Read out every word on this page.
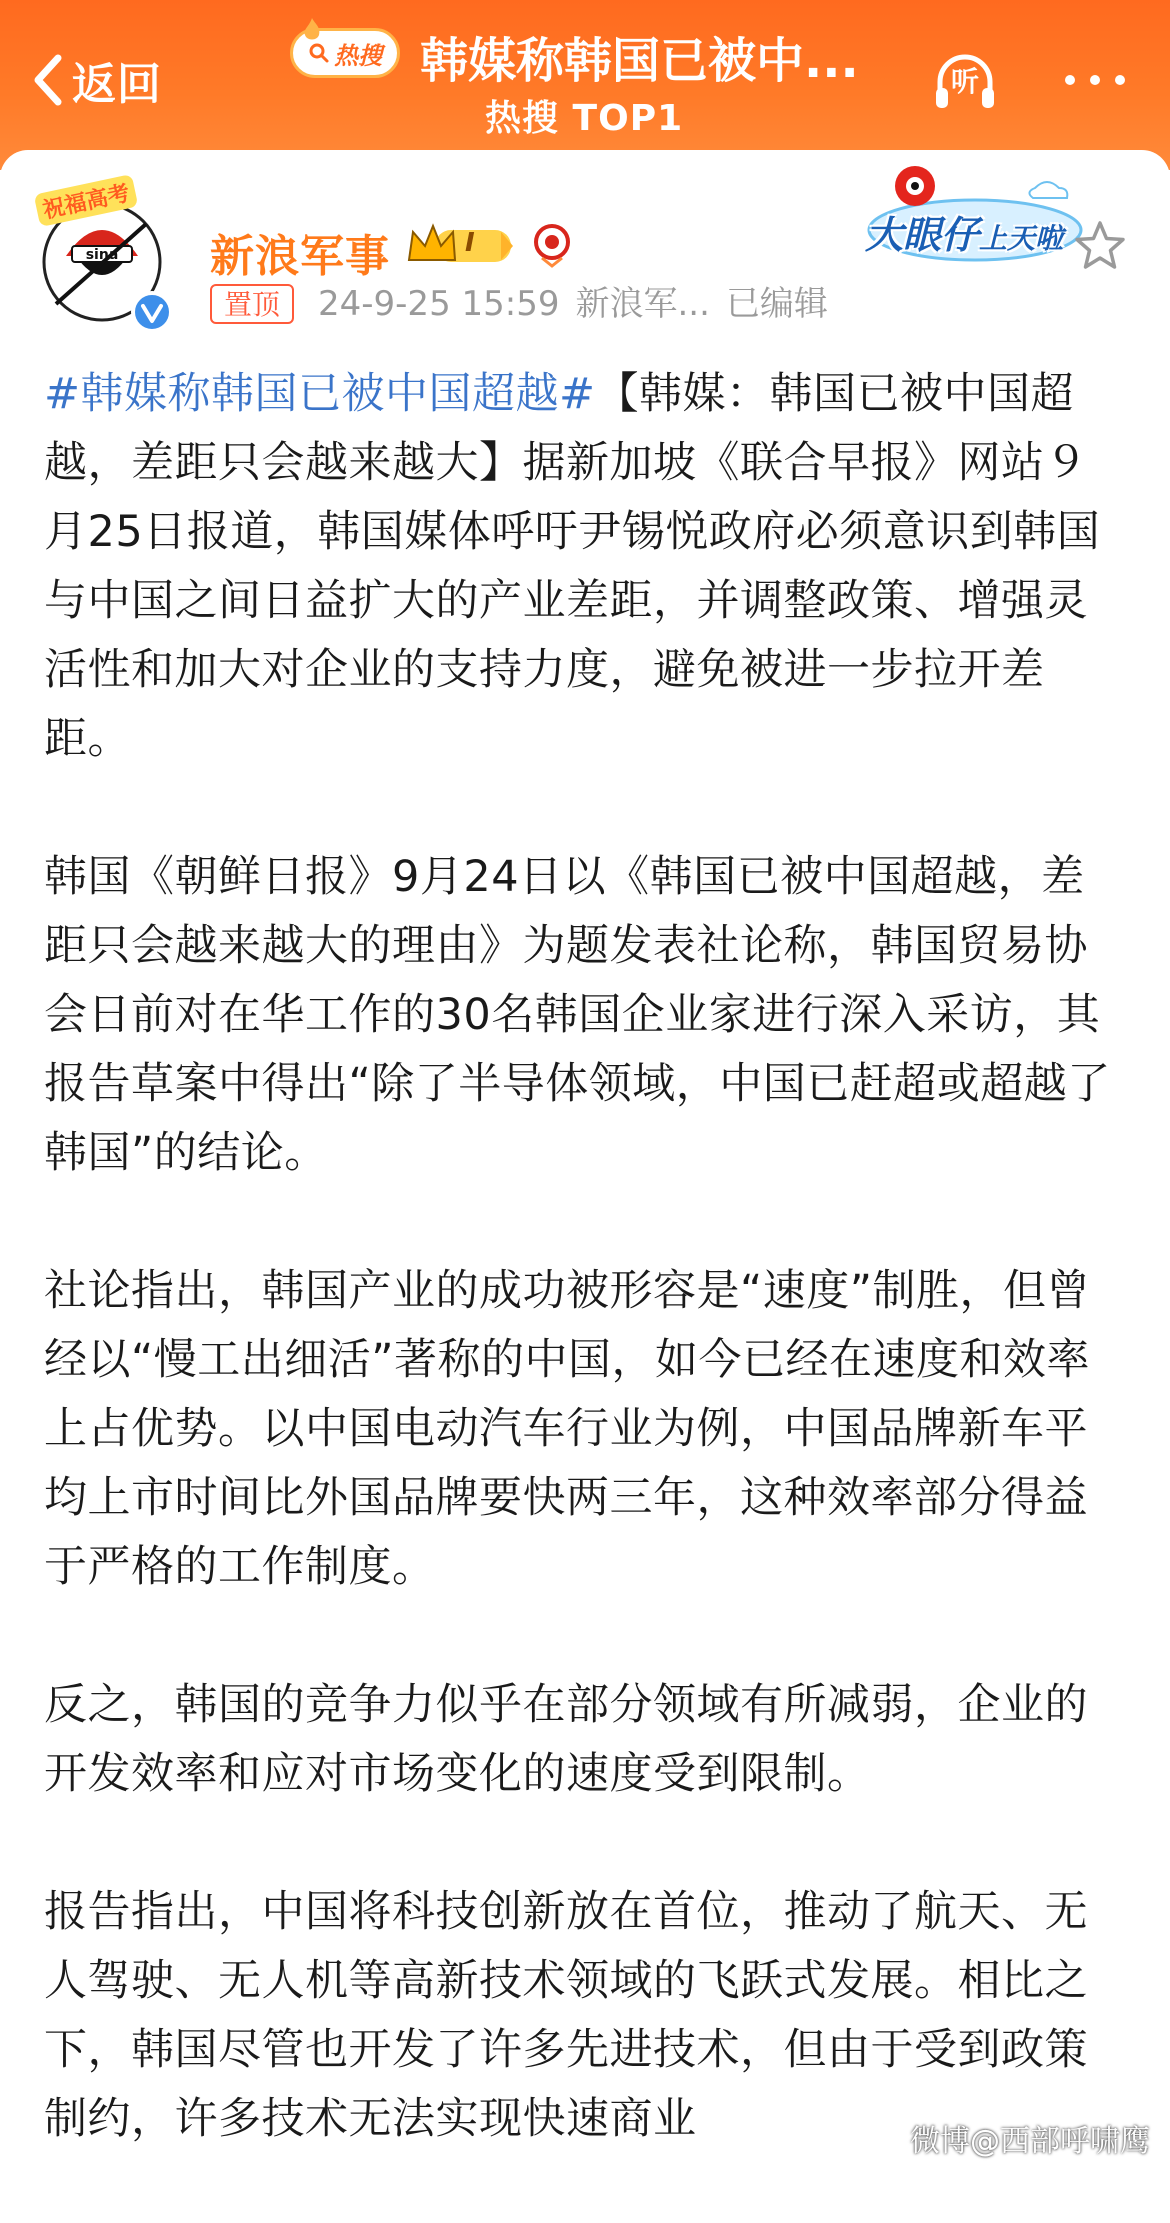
返回
热搜 韩媒称韩国已被中...
热搜 TOP1
听
sina
祝福高考
新浪军事	I
置顶	24-9-25 15:59 新浪军... 已编辑
大眼仔上天啦

#韩媒称韩国已被中国超越#【韩媒：韩国已被中国超越，差距只会越来越大】据新加坡《联合早报》网站９月25日报道，韩国媒体呼吁尹锡悦政府必须意识到韩国与中国之间日益扩大的产业差距，并调整政策、增强灵活性和加大对企业的支持力度，避免被进一步拉开差距。

韩国《朝鲜日报》9月24日以《韩国已被中国超越，差距只会越来越大的理由》为题发表社论称，韩国贸易协会日前对在华工作的30名韩国企业家进行深入采访，其报告草案中得出“除了半导体领域，中国已赶超或超越了韩国”的结论。

社论指出，韩国产业的成功被形容是“速度”制胜，但曾经以“慢工出细活”著称的中国，如今已经在速度和效率上占优势。以中国电动汽车行业为例，中国品牌新车平均上市时间比外国品牌要快两三年，这种效率部分得益于严格的工作制度。

反之，韩国的竞争力似乎在部分领域有所减弱，企业的开发效率和应对市场变化的速度受到限制。

报告指出，中国将科技创新放在首位，推动了航天、无人驾驶、无人机等高新技术领域的飞跃式发展。相比之下，韩国尽管也开发了许多先进技术，但由于受到政策制约，许多技术无法实现快速商业	微博@西部呼啸鹰
